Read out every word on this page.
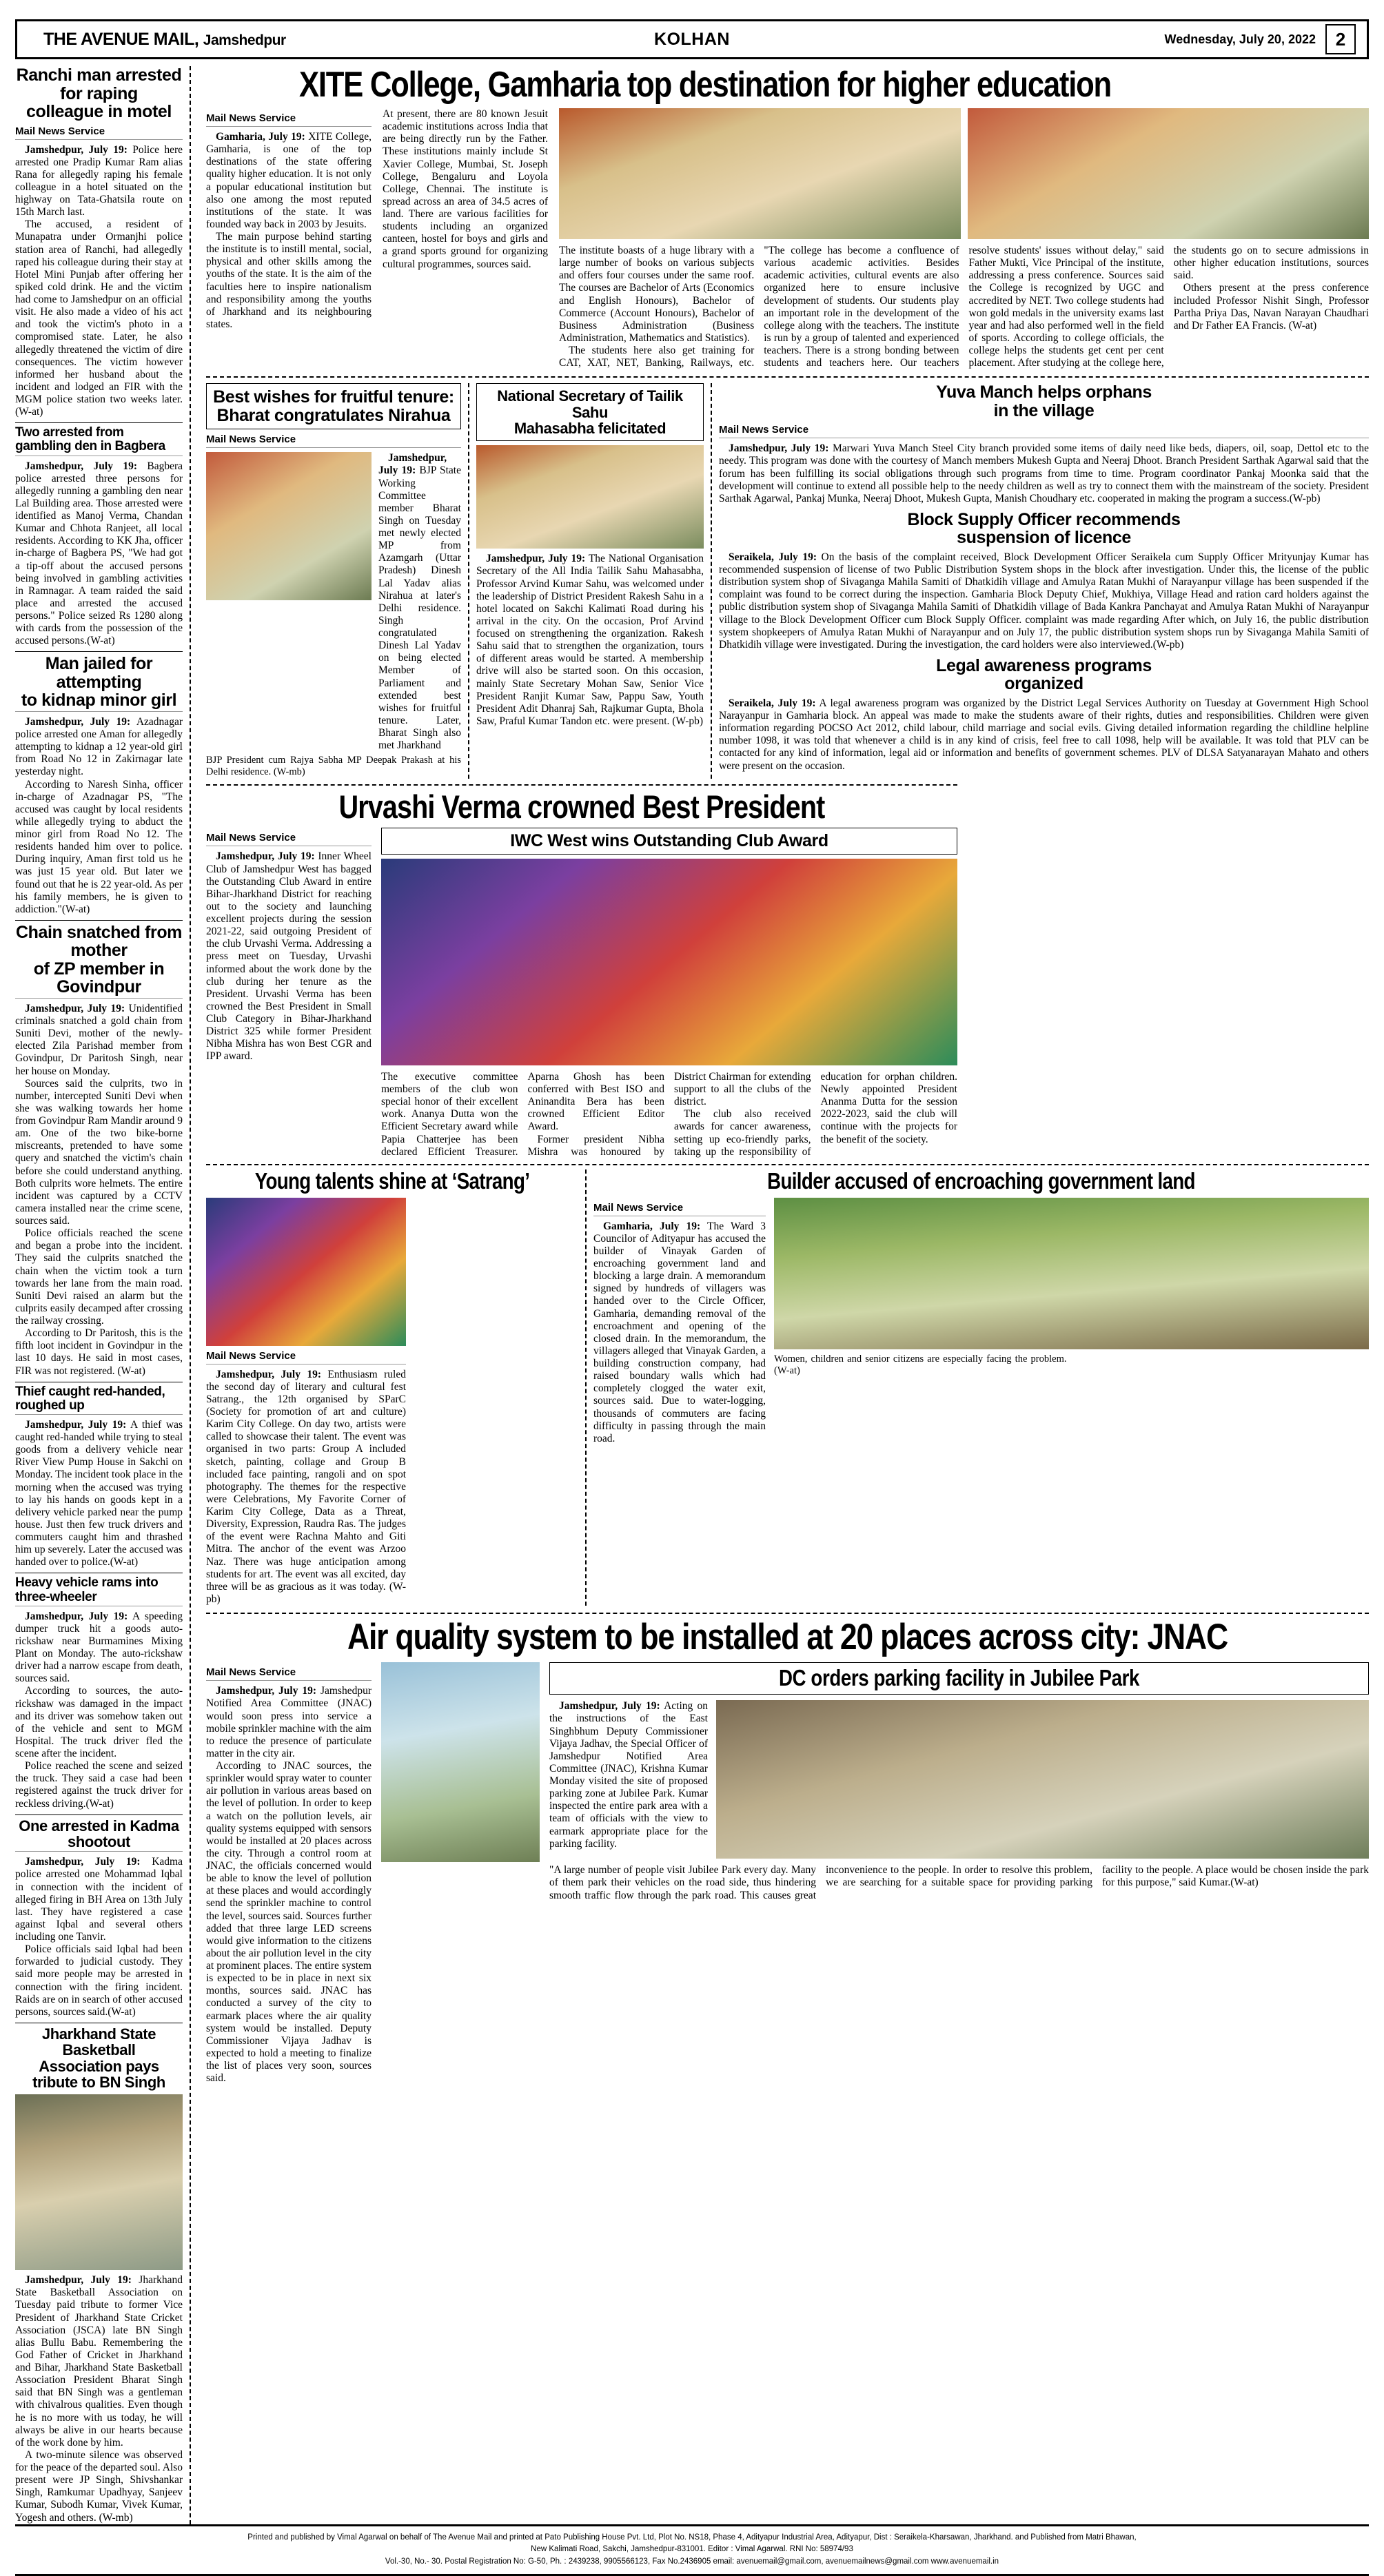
THE AVENUE MAIL, Jamshedpur	KOLHAN	Wednesday, July 20, 2022	2
Ranchi man arrested for raping
colleague in motel
Mail News Service

Jamshedpur, July 19: Police here arrested one Pradip Kumar Ram alias Rana for allegedly raping his female colleague in a hotel situated on the highway on Tata-Ghatsila route on 15th March last.

The accused, a resident of Munapatra under Ormanjhi police station area of Ranchi, had allegedly raped his colleague during their stay at Hotel Mini Punjab after offering her spiked cold drink. He and the victim had come to Jamshedpur on an official visit. He also made a video of his act and took the victim's photo in a compromised state. Later, he also allegedly threatened the victim of dire consequences. The victim however informed her husband about the incident and lodged an FIR with the MGM police station two weeks later.(W-at)

Two arrested from gambling den in Bagbera

Jamshedpur, July 19: Bagbera police arrested three persons for allegedly running a gambling den near Lal Building area. Those arrested were identified as Manoj Verma, Chandan Kumar and Chhota Ranjeet, all local residents. According to KK Jha, officer in-charge of Bagbera PS, "We had got a tip-off about the accused persons being involved in gambling activities in Ramnagar. A team raided the said place and arrested the accused persons." Police seized Rs 1280 along with cards from the possession of the accused persons.(W-at)

Man jailed for attempting
to kidnap minor girl

Jamshedpur, July 19: Azadnagar police arrested one Aman for allegedly attempting to kidnap a 12 year-old girl from Road No 12 in Zakirnagar late yesterday night.

According to Naresh Sinha, officer in-charge of Azadnagar PS, "The accused was caught by local residents while allegedly trying to abduct the minor girl from Road No 12. The residents handed him over to police. During inquiry, Aman first told us he was just 15 year old. But later we found out that he is 22 year-old. As per his family members, he is given to addiction."(W-at)

Chain snatched from mother
of ZP member in Govindpur

Jamshedpur, July 19: Unidentified criminals snatched a gold chain from Suniti Devi, mother of the newly-elected Zila Parishad member from Govindpur, Dr Paritosh Singh, near her house on Monday.

Sources said the culprits, two in number, intercepted Suniti Devi when she was walking towards her home from Govindpur Ram Mandir around 9 am. One of the two bike-borne miscreants, pretended to have some query and snatched the victim's chain before she could understand anything. Both culprits wore helmets. The entire incident was captured by a CCTV camera installed near the crime scene, sources said.

Police officials reached the scene and began a probe into the incident. They said the culprits snatched the chain when the victim took a turn towards her lane from the main road. Suniti Devi raised an alarm but the culprits easily decamped after crossing the railway crossing.

According to Dr Paritosh, this is the fifth loot incident in Govindpur in the last 10 days. He said in most cases, FIR was not registered. (W-at)

Thief caught red-handed, roughed up

Jamshedpur, July 19: A thief was caught red-handed while trying to steal goods from a delivery vehicle near River View Pump House in Sakchi on Monday. The incident took place in the morning when the accused was trying to lay his hands on goods kept in a delivery vehicle parked near the pump house. Just then few truck drivers and commuters caught him and thrashed him up severely. Later the accused was handed over to police.(W-at)

Heavy vehicle rams into three-wheeler

Jamshedpur, July 19: A speeding dumper truck hit a goods auto-rickshaw near Burmamines Mixing Plant on Monday. The auto-rickshaw driver had a narrow escape from death, sources said.

According to sources, the auto-rickshaw was damaged in the impact and its driver was somehow taken out of the vehicle and sent to MGM Hospital. The truck driver fled the scene after the incident.

Police reached the scene and seized the truck. They said a case had been registered against the truck driver for reckless driving.(W-at)

One arrested in Kadma shootout

Jamshedpur, July 19: Kadma police arrested one Mohammad Iqbal in connection with the incident of alleged firing in BH Area on 13th July last. They have registered a case against Iqbal and several others including one Tanvir.

Police officials said Iqbal had been forwarded to judicial custody. They said more people may be arrested in connection with the firing incident. Raids are on in search of other accused persons, sources said.(W-at)

Jharkhand State Basketball
Association pays tribute to BN Singh

Jamshedpur, July 19: Jharkhand State Basketball Association on Tuesday paid tribute to former Vice President of Jharkhand State Cricket Association (JSCA) late BN Singh alias Bullu Babu. Remembering the God Father of Cricket in Jharkhand and Bihar, Jharkhand State Basketball Association President Bharat Singh said that BN Singh was a gentleman with chivalrous qualities. Even though he is no more with us today, he will always be alive in our hearts because of the work done by him.

A two-minute silence was observed for the peace of the departed soul. Also present were JP Singh, Shivshankar Singh, Ramkumar Upadhyay, Sanjeev Kumar, Subodh Kumar, Vivek Kumar, Yogesh and others. (W-mb)

XITE College, Gamharia top destination for higher education
Mail News Service

Gamharia, July 19: XITE College, Gamharia, is one of the top destinations of the state offering quality higher education. It is not only a popular educational institution but also one among the most reputed institutions of the state. It was founded way back in 2003 by Jesuits.

The main purpose behind starting the institute is to instill mental, social, physical and other skills among the youths of the state. It is the aim of the faculties here to inspire nationalism and responsibility among the youths of Jharkhand and its neighbouring states.

At present, there are 80 known Jesuit academic institutions across India that are being directly run by the Father. These institutions mainly include St Xavier College, Mumbai, St. Joseph College, Bengaluru and Loyola College, Chennai. The institute is spread across an area of 34.5 acres of land. There are various facilities for students including an organized canteen, hostel for boys and girls and a grand sports ground for organizing cultural programmes, sources said.

The institute boasts of a huge library with a large number of books on various subjects and offers four courses under the same roof. The courses are Bachelor of Arts (Economics and English Honours), Bachelor of Commerce (Account Honours), Bachelor of Business Administration (Business Administration, Mathematics and Statistics).

The students here also get training for CAT, XAT, NET, Banking, Railways, etc. "The college has become a confluence of various academic activities. Besides academic activities, cultural events are also organized here to ensure inclusive development of students. Our students play an important role in the development of the college along with the teachers. The institute is run by a group of talented and experienced teachers. There is a strong bonding between students and teachers here. Our teachers resolve students' issues without delay," said Father Mukti, Vice Principal of the institute, addressing a press conference. Sources said the College is recognized by UGC and accredited by NET. Two college students had won gold medals in the university exams last year and had also performed well in the field of sports. According to college officials, the college helps the students get cent per cent placement. After studying at the college here, the students go on to secure admissions in other higher education institutions, sources said.

Others present at the press conference included Professor Nishit Singh, Professor Partha Priya Das, Navan Narayan Chaudhari and Dr Father EA Francis. (W-at)

Best wishes for fruitful tenure:
Bharat congratulates Nirahua
Mail News Service

Jamshedpur, July 19: BJP State Working Committee member Bharat Singh on Tuesday met newly elected MP from Azamgarh (Uttar Pradesh) Dinesh Lal Yadav alias Nirahua at later's Delhi residence. Singh congratulated Dinesh Lal Yadav on being elected Member of Parliament and extended best wishes for fruitful tenure. Later, Bharat Singh also met Jharkhand

BJP President cum Rajya Sabha MP Deepak Prakash at his Delhi residence. (W-mb)
National Secretary of Tailik Sahu
Mahasabha felicitated

Jamshedpur, July 19: The National Organisation Secretary of the All India Tailik Sahu Mahasabha, Professor Arvind Kumar Sahu, was welcomed under the leadership of District President Rakesh Sahu in a hotel located on Sakchi Kalimati Road during his arrival in the city. On the occasion, Prof Arvind focused on strengthening the organization. Rakesh Sahu said that to strengthen the organization, tours of different areas would be started. A membership drive will also be started soon. On this occasion, mainly State Secretary Mohan Saw, Senior Vice President Ranjit Kumar Saw, Pappu Saw, Youth President Adit Dhanraj Sah, Rajkumar Gupta, Bhola Saw, Praful Kumar Tandon etc. were present. (W-pb)

Yuva Manch helps orphans
in the village
Mail News Service

Jamshedpur, July 19: Marwari Yuva Manch Steel City branch provided some items of daily need like beds, diapers, oil, soap, Dettol etc to the needy. This program was done with the courtesy of Manch members Mukesh Gupta and Neeraj Dhoot. Branch President Sarthak Agarwal said that the forum has been fulfilling its social obligations through such programs from time to time. Program coordinator Pankaj Moonka said that the development will continue to extend all possible help to the needy children as well as try to connect them with the mainstream of the society. President Sarthak Agarwal, Pankaj Munka, Neeraj Dhoot, Mukesh Gupta, Manish Choudhary etc. cooperated in making the program a success.(W-pb)

Block Supply Officer recommends
suspension of licence

Seraikela, July 19: On the basis of the complaint received, Block Development Officer Seraikela cum Supply Officer Mrityunjay Kumar has recommended suspension of license of two Public Distribution System shops in the block after investigation. Under this, the license of the public distribution system shop of Sivaganga Mahila Samiti of Dhatkidih village and Amulya Ratan Mukhi of Narayanpur village has been suspended if the complaint was found to be correct during the inspection. Gamharia Block Deputy Chief, Mukhiya, Village Head and ration card holders against the public distribution system shop of Sivaganga Mahila Samiti of Dhatkidih village of Bada Kankra Panchayat and Amulya Ratan Mukhi of Narayanpur village to the Block Development Officer cum Block Supply Officer. complaint was made regarding After which, on July 16, the public distribution system shopkeepers of Amulya Ratan Mukhi of Narayanpur and on July 17, the public distribution system shops run by Sivaganga Mahila Samiti of Dhatkidih village were investigated. During the investigation, the card holders were also interviewed.(W-pb)

Legal awareness programs
organized

Seraikela, July 19: A legal awareness program was organized by the District Legal Services Authority on Tuesday at Government High School Narayanpur in Gamharia block. An appeal was made to make the students aware of their rights, duties and responsibilities. Children were given information regarding POCSO Act 2012, child labour, child marriage and social evils. Giving detailed information regarding the childline helpline number 1098, it was told that whenever a child is in any kind of crisis, feel free to call 1098, help will be available. It was told that PLV can be contacted for any kind of information, legal aid or information and benefits of government schemes. PLV of DLSA Satyanarayan Mahato and others were present on the occasion.

Urvashi Verma crowned Best President
Mail News Service

Jamshedpur, July 19: Inner Wheel Club of Jamshedpur West has bagged the Outstanding Club Award in entire Bihar-Jharkhand District for reaching out to the society and launching excellent projects during the session 2021-22, said outgoing President of the club Urvashi Verma. Addressing a press meet on Tuesday, Urvashi informed about the work done by the club during her tenure as the President. Urvashi Verma has been crowned the Best President in Small Club Category in Bihar-Jharkhand District 325 while former President Nibha Mishra has won Best CGR and IPP award.

IWC West wins Outstanding Club Award

The executive committee members of the club won special honor of their excellent work. Ananya Dutta won the Efficient Secretary award while Papia Chatterjee has been declared Efficient Treasurer. Aparna Ghosh has been conferred with Best ISO and Aninandita Bera has been crowned Efficient Editor Award.

Former president Nibha Mishra was honoured by District Chairman for extending support to all the clubs of the district.

The club also received awards for cancer awareness, setting up eco-friendly parks, taking up the responsibility of education for orphan children. Newly appointed President Ananma Dutta for the session 2022-2023, said the club will continue with the projects for the benefit of the society.

Young talents shine at ‘Satrang’
Mail News Service

Jamshedpur, July 19: Enthusiasm ruled the second day of literary and cultural fest Satrang., the 12th organised by SParC (Society for promotion of art and culture) Karim City College. On day two, artists were called to showcase their talent. The event was organised in two parts: Group A included sketch, painting, collage and Group B included face painting, rangoli and on spot photography. The themes for the respective were Celebrations, My Favorite Corner of Karim City College, Data as a Threat, Diversity, Expression, Raudra Ras. The judges of the event were Rachna Mahto and Giti Mitra. The anchor of the event was Arzoo Naz. There was huge anticipation among students for art. The event was all excited, day three will be as gracious as it was today. (W-pb)

Builder accused of encroaching government land
Mail News Service

Gamharia, July 19: The Ward 3 Councilor of Adityapur has accused the builder of Vinayak Garden of encroaching government land and blocking a large drain. A memorandum signed by hundreds of villagers was handed over to the Circle Officer, Gamharia, demanding removal of the encroachment and opening of the closed drain. In the memorandum, the villagers alleged that Vinayak Garden, a building construction company, had raised boundary walls which had completely clogged the water exit, sources said. Due to water-logging, thousands of commuters are facing difficulty in passing through the main road.

Women, children and senior citizens are especially facing the problem. (W-at)
Air quality system to be installed at 20 places across city: JNAC
Mail News Service

Jamshedpur, July 19: Jamshedpur Notified Area Committee (JNAC) would soon press into service a mobile sprinkler machine with the aim to reduce the presence of particulate matter in the city air.

According to JNAC sources, the sprinkler would spray water to counter air pollution in various areas based on the level of pollution. In order to keep a watch on the pollution levels, air quality systems equipped with sensors would be installed at 20 places across the city. Through a control room at JNAC, the officials concerned would be able to know the level of pollution at these places and would accordingly send the sprinkler machine to control the level, sources said. Sources further added that three large LED screens would give information to the citizens about the air pollution level in the city at prominent places. The entire system is expected to be in place in next six months, sources said. JNAC has conducted a survey of the city to earmark places where the air quality system would be installed. Deputy Commissioner Vijaya Jadhav is expected to hold a meeting to finalize the list of places very soon, sources said.

DC orders parking facility in Jubilee Park

Jamshedpur, July 19: Acting on the instructions of the East Singhbhum Deputy Commissioner Vijaya Jadhav, the Special Officer of Jamshedpur Notified Area Committee (JNAC), Krishna Kumar Monday visited the site of proposed parking zone at Jubilee Park. Kumar inspected the entire park area with a team of officials with the view to earmark appropriate place for the parking facility.

"A large number of people visit Jubilee Park every day. Many of them park their vehicles on the road side, thus hindering smooth traffic flow through the park road. This causes great inconvenience to the people. In order to resolve this problem, we are searching for a suitable space for providing parking facility to the people. A place would be chosen inside the park for this purpose," said Kumar.(W-at)

Printed and published by Vimal Agarwal on behalf of The Avenue Mail and printed at Pato Publishing House Pvt. Ltd, Plot No. NS18, Phase 4, Adityapur Industrial Area, Adityapur, Dist : Seraikela-Kharsawan, Jharkhand. and Published from Matri Bhawan,
New Kalimati Road, Sakchi, Jamshedpur-831001. Editor : Vimal Agarwal. RNI No: 58974/93
Vol.-30, No.- 30. Postal Registration No: G-50, Ph. : 2439238, 9905566123, Fax No.2436905 email: avenuemail@gmail.com, avenuemailnews@gmail.com www.avenuemail.in
